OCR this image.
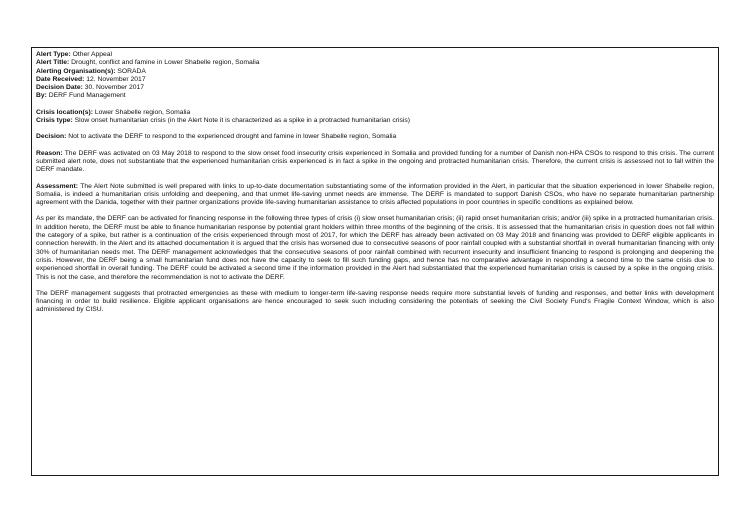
Alert Type: Other Appeal
Alert Title: Drought, conflict and famine in Lower Shabelle region, Somalia
Alerting Organisation(s): SORADA
Date Received: 12. November 2017
Decision Date: 30. November 2017
By: DERF Fund Management
Crisis location(s): Lower Shabelle region, Somalia
Crisis type: Slow onset humanitarian crisis (in the Alert Note it is characterized as a spike in a protracted humanitarian crisis)
Decision: Not to activate the DERF to respond to the experienced drought and famine in lower Shabelle region, Somalia

Reason: The DERF was activated on 03 May 2018 to respond to the slow onset food insecurity crisis experienced in Somalia and provided funding for a number of Danish non-HPA CSOs to respond to this crisis. The current submitted alert note, does not substantiate that the experienced humanitarian crisis experienced is in fact a spike in the ongoing and protracted humanitarian crisis. Therefore, the current crisis is assessed not to fall within the DERF mandate.

Assessment: The Alert Note submitted is well prepared with links to up-to-date documentation substantiating some of the information provided in the Alert, in particular that the situation experienced in lower Shabelle region, Somalia, is indeed a humanitarian crisis unfolding and deepening, and that unmet life-saving unmet needs are immense. The DERF is mandated to support Danish CSOs, who have no separate humanitarian partnership agreement with the Danida, together with their partner organizations provide life-saving humanitarian assistance to crisis affected populations in poor countries in specific conditions as explained below.

As per its mandate, the DERF can be activated for financing response in the following three types of crisis (i) slow onset humanitarian crisis; (ii) rapid onset humanitarian crisis; and/or (iii) spike in a protracted humanitarian crisis. In addition hereto, the DERF must be able to finance humanitarian response by potential grant holders within three months of the beginning of the crisis. It is assessed that the humanitarian crisis in question does not fall within the category of a spike, but rather is a continuation of the crisis experienced through most of 2017, for which the DERF has already been activated on 03 May 2018 and financing was provided to DERF eligible applicants in connection herewith. In the Alert and its attached documentation it is argued that the crisis has worsened due to consecutive seasons of poor rainfall coupled with a substantial shortfall in overall humanitarian financing with only 30% of humanitarian needs met. The DERF management acknowledges that the consecutive seasons of poor rainfall combined with recurrent insecurity and insufficient financing to respond is prolonging and deepening the crisis. However, the DERF being a small humanitarian fund does not have the capacity to seek to fill such funding gaps, and hence has no comparative advantage in responding a second time to the same crisis due to experienced shortfall in overall funding. The DERF could be activated a second time if the information provided in the Alert had substantiated that the experienced humanitarian crisis is caused by a spike in the ongoing crisis. This is not the case, and therefore the recommendation is not to activate the DERF.

The DERF management suggests that protracted emergencies as these with medium to longer-term life-saving response needs require more substantial levels of funding and responses, and better links with development financing in order to build resilience. Eligible applicant organisations are hence encouraged to seek such including considering the potentials of seeking the Civil Society Fund's Fragile Context Window, which is also administered by CISU.
